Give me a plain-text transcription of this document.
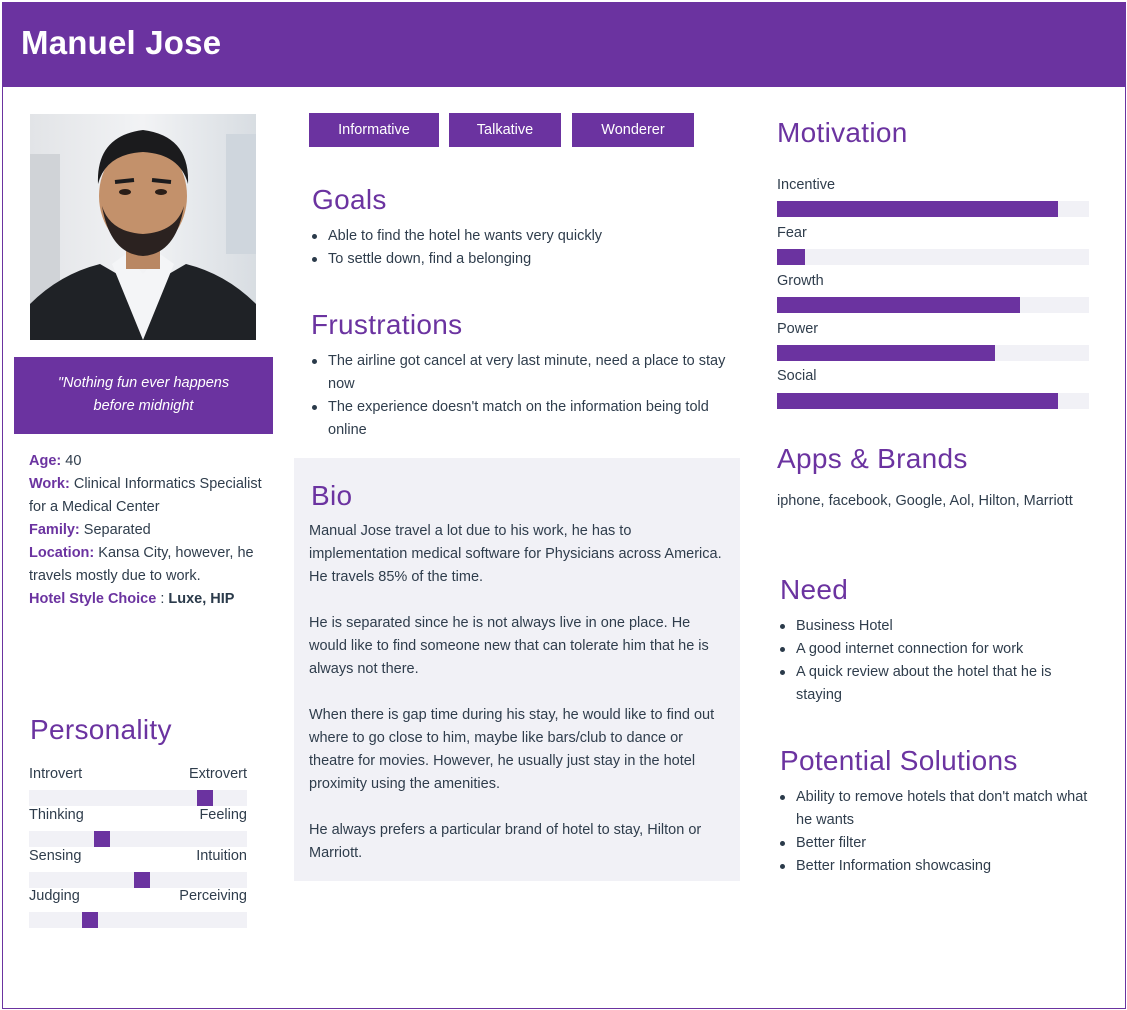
Manuel Jose
"Nothing fun ever happens before midnight
Age: 40
Work: Clinical Informatics Specialist for a Medical Center
Family: Separated
Location: Kansa City, however, he travels mostly due to work.
Hotel Style Choice : Luxe, HIP
Personality
Introvert	Extrovert
Thinking	Feeling
Sensing	Intuition
Judging	Perceiving
Informative	Talkative	Wonderer
Goals
Able to find the hotel he wants very quickly
To settle down, find a belonging
Frustrations
The airline got cancel at very last minute, need a place to stay now
The experience doesn't match on the information being told online
Bio

Manual Jose travel a lot due to his work, he has to implementation medical software for Physicians across America. He travels 85% of the time.

He is separated since he is not always live in one place. He would like to find someone new that can tolerate him that he is always not there.

When there is gap time during his stay, he would like to find out where to go close to him, maybe like bars/club to dance or theatre for movies. However, he usually just stay in the hotel proximity using the amenities.

He always prefers a particular brand of hotel to stay, Hilton or Marriott.

Motivation
Incentive
Fear
Growth
Power
Social
Apps & Brands
iphone, facebook, Google, Aol, Hilton, Marriott
Need
Business Hotel
A good internet connection for work
A quick review about the hotel that he is staying
Potential Solutions
Ability to remove hotels that don't match what he wants
Better filter
Better Information showcasing
